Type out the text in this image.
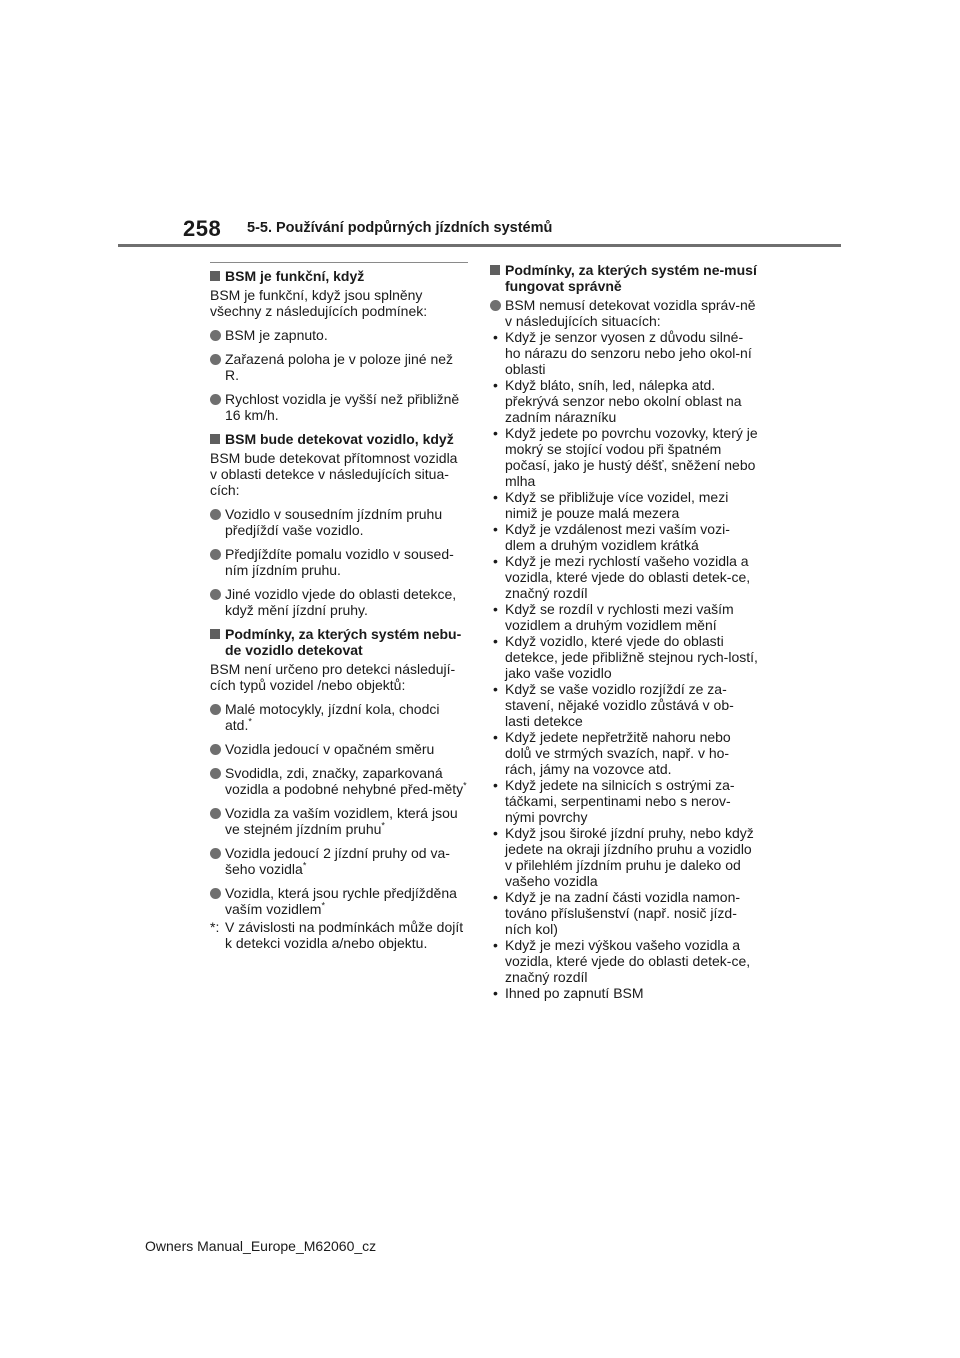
258 5-5. Používání podpůrných jízdních systémů
BSM je funkční, když
BSM je funkční, když jsou splněny všechny z následujících podmínek:
BSM je zapnuto.
Zařazená poloha je v poloze jiné než R.
Rychlost vozidla je vyšší než přibližně 16 km/h.
BSM bude detekovat vozidlo, když
BSM bude detekovat přítomnost vozidla v oblasti detekce v následujících situa-cích:
Vozidlo v sousedním jízdním pruhu předjíždí vaše vozidlo.
Předjíždíte pomalu vozidlo v soused-ním jízdním pruhu.
Jiné vozidlo vjede do oblasti detekce, když mění jízdní pruhy.
Podmínky, za kterých systém nebu-de vozidlo detekovat
BSM není určeno pro detekci následují-cích typů vozidel /nebo objektů:
Malé motocykly, jízdní kola, chodci atd.*
Vozidla jedoucí v opačném směru
Svodidla, zdi, značky, zaparkovaná vozidla a podobné nehybné před-měty*
Vozidla za vaším vozidlem, která jsou ve stejném jízdním pruhu*
Vozidla jedoucí 2 jízdní pruhy od va-šeho vozidla*
Vozidla, která jsou rychle předjížděna vaším vozidlem*
*: V závislosti na podmínkách může dojít k detekci vozidla a/nebo objektu.
Podmínky, za kterých systém ne-musí fungovat správně
BSM nemusí detekovat vozidla správ-ně v následujících situacích:
• Když je senzor vyosen z důvodu silné-ho nárazu do senzoru nebo jeho okol-ní oblasti
• Když bláto, sníh, led, nálepka atd. překrývá senzor nebo okolní oblast na zadním nárazníku
• Když jedete po povrchu vozovky, který je mokrý se stojící vodou při špatném počasí, jako je hustý déšť, sněžení nebo mlha
• Když se přibližuje více vozidel, mezi nimiž je pouze malá mezera
• Když je vzdálenost mezi vaším vozi-dlem a druhým vozidlem krátká
• Když je mezi rychlostí vašeho vozidla a vozidla, které vjede do oblasti detek-ce, značný rozdíl
• Když se rozdíl v rychlosti mezi vaším vozidlem a druhým vozidlem mění
• Když vozidlo, které vjede do oblasti detekce, jede přibližně stejnou rych-lostí, jako vaše vozidlo
• Když se vaše vozidlo rozjíždí ze za-stavení, nějaké vozidlo zůstává v ob-lasti detekce
• Když jedete nepřetržitě nahoru nebo dolů ve strmých svazích, např. v ho-rách, jámy na vozovce atd.
• Když jedete na silnicích s ostrými za-táčkami, serpentinami nebo s nerov-nými povrchy
• Když jsou široké jízdní pruhy, nebo když jedete na okraji jízdního pruhu a vozidlo v přilehlém jízdním pruhu je daleko od vašeho vozidla
• Když je na zadní části vozidla namon-továno příslušenství (např. nosič jízd-ních kol)
• Když je mezi výškou vašeho vozidla a vozidla, které vjede do oblasti detek-ce, značný rozdíl
• Ihned po zapnutí BSM
Owners Manual_Europe_M62060_cz
